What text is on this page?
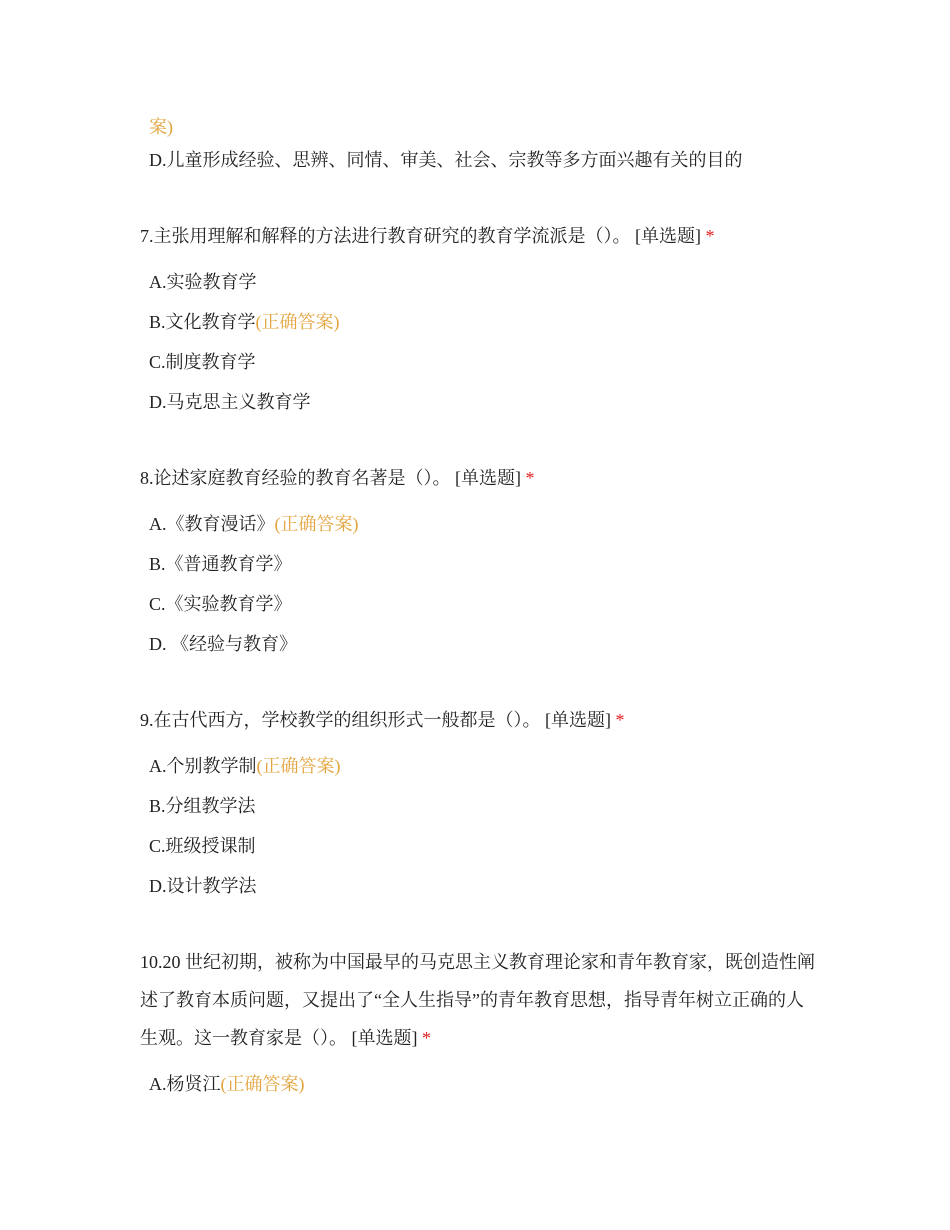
案)
D.儿童形成经验、思辨、同情、审美、社会、宗教等多方面兴趣有关的目的
7.主张用理解和解释的方法进行教育研究的教育学流派是（）。 [单选题] *
A.实验教育学
B.文化教育学(正确答案)
C.制度教育学
D.马克思主义教育学
8.论述家庭教育经验的教育名著是（）。 [单选题] *
A.《教育漫话》(正确答案)
B.《普通教育学》
C.《实验教育学》
D. 《经验与教育》
9.在古代西方，学校教学的组织形式一般都是（）。 [单选题] *
A.个别教学制(正确答案)
B.分组教学法
C.班级授课制
D.设计教学法
10.20 世纪初期，被称为中国最早的马克思主义教育理论家和青年教育家，既创造性阐述了教育本质问题，又提出了“全人生指导”的青年教育思想，指导青年树立正确的人生观。这一教育家是（）。 [单选题] *
A.杨贤江(正确答案)
